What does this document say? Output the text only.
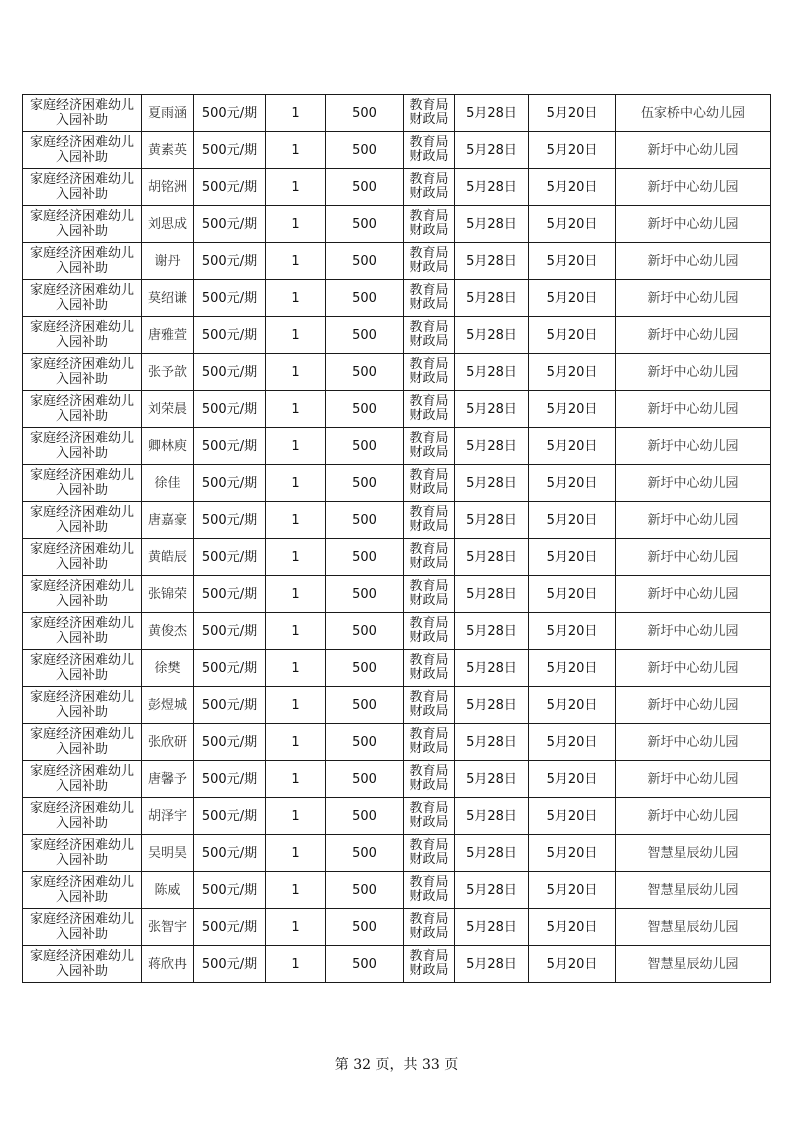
家庭经济困难幼儿入园补助	夏雨涵	500元/期	1	500	教育局财政局	5月28日	5月20日	伍家桥中心幼儿园
家庭经济困难幼儿入园补助	黄素英	500元/期	1	500	教育局财政局	5月28日	5月20日	新圩中心幼儿园
家庭经济困难幼儿入园补助	胡铭洲	500元/期	1	500	教育局财政局	5月28日	5月20日	新圩中心幼儿园
家庭经济困难幼儿入园补助	刘思成	500元/期	1	500	教育局财政局	5月28日	5月20日	新圩中心幼儿园
家庭经济困难幼儿入园补助	谢丹	500元/期	1	500	教育局财政局	5月28日	5月20日	新圩中心幼儿园
家庭经济困难幼儿入园补助	莫绍谦	500元/期	1	500	教育局财政局	5月28日	5月20日	新圩中心幼儿园
家庭经济困难幼儿入园补助	唐雅萱	500元/期	1	500	教育局财政局	5月28日	5月20日	新圩中心幼儿园
家庭经济困难幼儿入园补助	张予歆	500元/期	1	500	教育局财政局	5月28日	5月20日	新圩中心幼儿园
家庭经济困难幼儿入园补助	刘荣晨	500元/期	1	500	教育局财政局	5月28日	5月20日	新圩中心幼儿园
家庭经济困难幼儿入园补助	卿林庾	500元/期	1	500	教育局财政局	5月28日	5月20日	新圩中心幼儿园
家庭经济困难幼儿入园补助	徐佳	500元/期	1	500	教育局财政局	5月28日	5月20日	新圩中心幼儿园
家庭经济困难幼儿入园补助	唐嘉豪	500元/期	1	500	教育局财政局	5月28日	5月20日	新圩中心幼儿园
家庭经济困难幼儿入园补助	黄皓辰	500元/期	1	500	教育局财政局	5月28日	5月20日	新圩中心幼儿园
家庭经济困难幼儿入园补助	张锦荣	500元/期	1	500	教育局财政局	5月28日	5月20日	新圩中心幼儿园
家庭经济困难幼儿入园补助	黄俊杰	500元/期	1	500	教育局财政局	5月28日	5月20日	新圩中心幼儿园
家庭经济困难幼儿入园补助	徐樊	500元/期	1	500	教育局财政局	5月28日	5月20日	新圩中心幼儿园
家庭经济困难幼儿入园补助	彭煜城	500元/期	1	500	教育局财政局	5月28日	5月20日	新圩中心幼儿园
家庭经济困难幼儿入园补助	张欣研	500元/期	1	500	教育局财政局	5月28日	5月20日	新圩中心幼儿园
家庭经济困难幼儿入园补助	唐馨予	500元/期	1	500	教育局财政局	5月28日	5月20日	新圩中心幼儿园
家庭经济困难幼儿入园补助	胡泽宇	500元/期	1	500	教育局财政局	5月28日	5月20日	新圩中心幼儿园
家庭经济困难幼儿入园补助	吴明昊	500元/期	1	500	教育局财政局	5月28日	5月20日	智慧星辰幼儿园
家庭经济困难幼儿入园补助	陈威	500元/期	1	500	教育局财政局	5月28日	5月20日	智慧星辰幼儿园
家庭经济困难幼儿入园补助	张智宇	500元/期	1	500	教育局财政局	5月28日	5月20日	智慧星辰幼儿园
家庭经济困难幼儿入园补助	蒋欣冉	500元/期	1	500	教育局财政局	5月28日	5月20日	智慧星辰幼儿园
第 32 页，共 33 页
